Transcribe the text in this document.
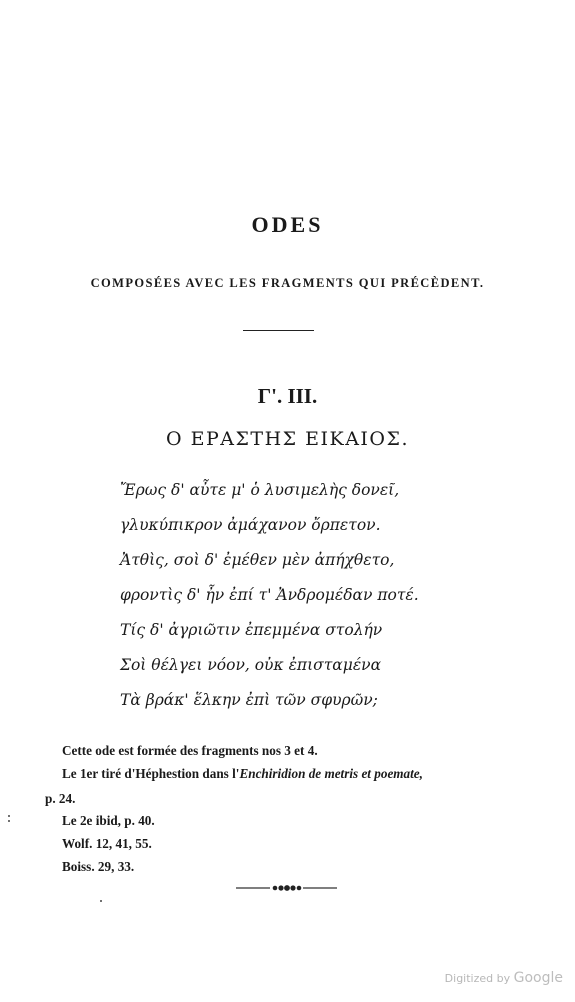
ODES
COMPOSÉES AVEC LES FRAGMENTS QUI PRÉCÈDENT.
Γ'. III.
Ο ΕΡΑΣΤΗΣ ΕΙΚΑΙΟΣ.
Ἔρως δ' αὖτε μ' ὁ λυσιμελὴς δονεῖ,
γλυκύπικρον ἀμάχανον ὄρπετον.
Ἀτθὶς, σοὶ δ' ἐμέθεν μὲν ἀπήχθετο,
φροντὶς δ' ἦν ἐπί τ' Ἀνδρομέδαν ποτέ.
Τίς δ' ἀγριῶτιν ἐπεμμένα στολήν
Σοὶ θέλγει νόον, οὐκ ἐπισταμένα
Τὰ βράκ' ἕλκην ἐπὶ τῶν σφυρῶν;
Cette ode est formée des fragments nos 3 et 4.
Le 1er tiré d'Héphestion dans l'Enchiridion de metris et poemate,
p. 24.
Le 2e ibid, p. 40.
Wolf. 12, 41, 55.
Boiss. 29, 33.
Digitized by Google
